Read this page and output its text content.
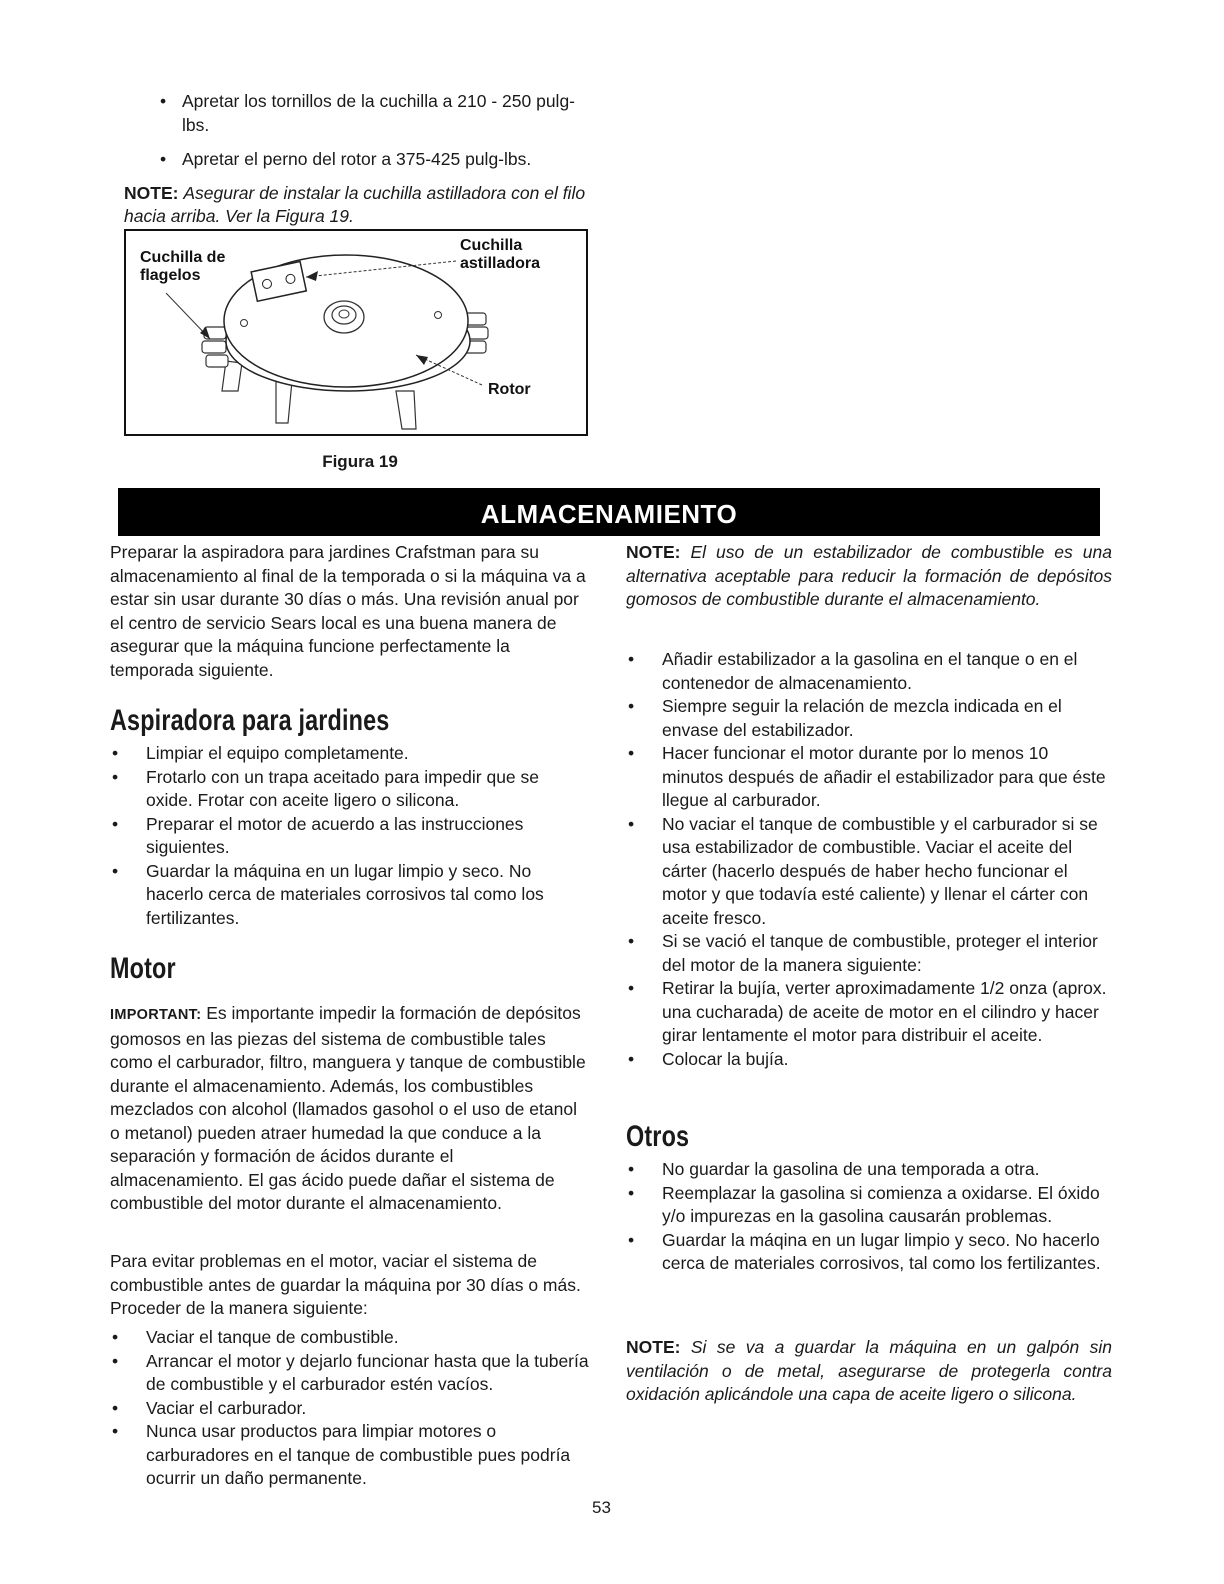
• Apretar los tornillos de la cuchilla a 210 - 250 pulg-lbs.
• Apretar el perno del rotor a 375-425 pulg-lbs.
NOTE: Asegurar de instalar la cuchilla astilladora con el filo hacia arriba. Ver la Figura 19.
Cuchilla de
flagelos
Cuchilla
astilladora
Rotor
Figura 19
ALMACENAMIENTO
Preparar la aspiradora para jardines Crafstman para su almacenamiento al final de la temporada o si la máquina va a estar sin usar durante 30 días o más. Una revisión anual por el centro de servicio Sears local es una buena manera de asegurar que la máquina funcione perfectamente la temporada siguiente.
Aspiradora para jardines
• Limpiar el equipo completamente.
• Frotarlo con un trapa aceitado para impedir que se oxide. Frotar con aceite ligero o silicona.
• Preparar el motor de acuerdo a las instrucciones siguientes.
• Guardar la máquina en un lugar limpio y seco. No hacerlo cerca de materiales corrosivos tal como los fertilizantes.
Motor
IMPORTANT: Es importante impedir la formación de depósitos gomosos en las piezas del sistema de combustible tales como el carburador, filtro, manguera y tanque de combustible durante el almacenamiento. Además, los combustibles mezclados con alcohol (llamados gasohol o el uso de etanol o metanol) pueden atraer humedad la que conduce a la separación y formación de ácidos durante el almacenamiento. El gas ácido puede dañar el sistema de combustible del motor durante el almacenamiento.
Para evitar problemas en el motor, vaciar el sistema de combustible antes de guardar la máquina por 30 días o más. Proceder de la manera siguiente:
• Vaciar el tanque de combustible.
• Arrancar el motor y dejarlo funcionar hasta que la tubería de combustible y el carburador estén vacíos.
• Vaciar el carburador.
• Nunca usar productos para limpiar motores o carburadores en el tanque de combustible pues podría ocurrir un daño permanente.
NOTE: El uso de un estabilizador de combustible es una alternativa aceptable para reducir la formación de depósitos gomosos de combustible durante el almacenamiento.
• Añadir estabilizador a la gasolina en el tanque o en el contenedor de almacenamiento.
• Siempre seguir la relación de mezcla indicada en el envase del estabilizador.
• Hacer funcionar el motor durante por lo menos 10 minutos después de añadir el estabilizador para que éste llegue al carburador.
• No vaciar el tanque de combustible y el carburador si se usa estabilizador de combustible. Vaciar el aceite del cárter (hacerlo después de haber hecho funcionar el motor y que todavía esté caliente) y llenar el cárter con aceite fresco.
• Si se vació el tanque de combustible, proteger el interior del motor de la manera siguiente:
• Retirar la bujía, verter aproximadamente 1/2 onza (aprox. una cucharada) de aceite de motor en el cilindro y hacer girar lentamente el motor para distribuir el aceite.
• Colocar la bujía.
Otros
• No guardar la gasolina de una temporada a otra.
• Reemplazar la gasolina si comienza a oxidarse. El óxido y/o impurezas en la gasolina causarán problemas.
• Guardar la máqina en un lugar limpio y seco. No hacerlo cerca de materiales corrosivos, tal como los fertilizantes.
NOTE: Si se va a guardar la máquina en un galpón sin ventilación o de metal, asegurarse de protegerla contra oxidación aplicándole una capa de aceite ligero o silicona.
53
